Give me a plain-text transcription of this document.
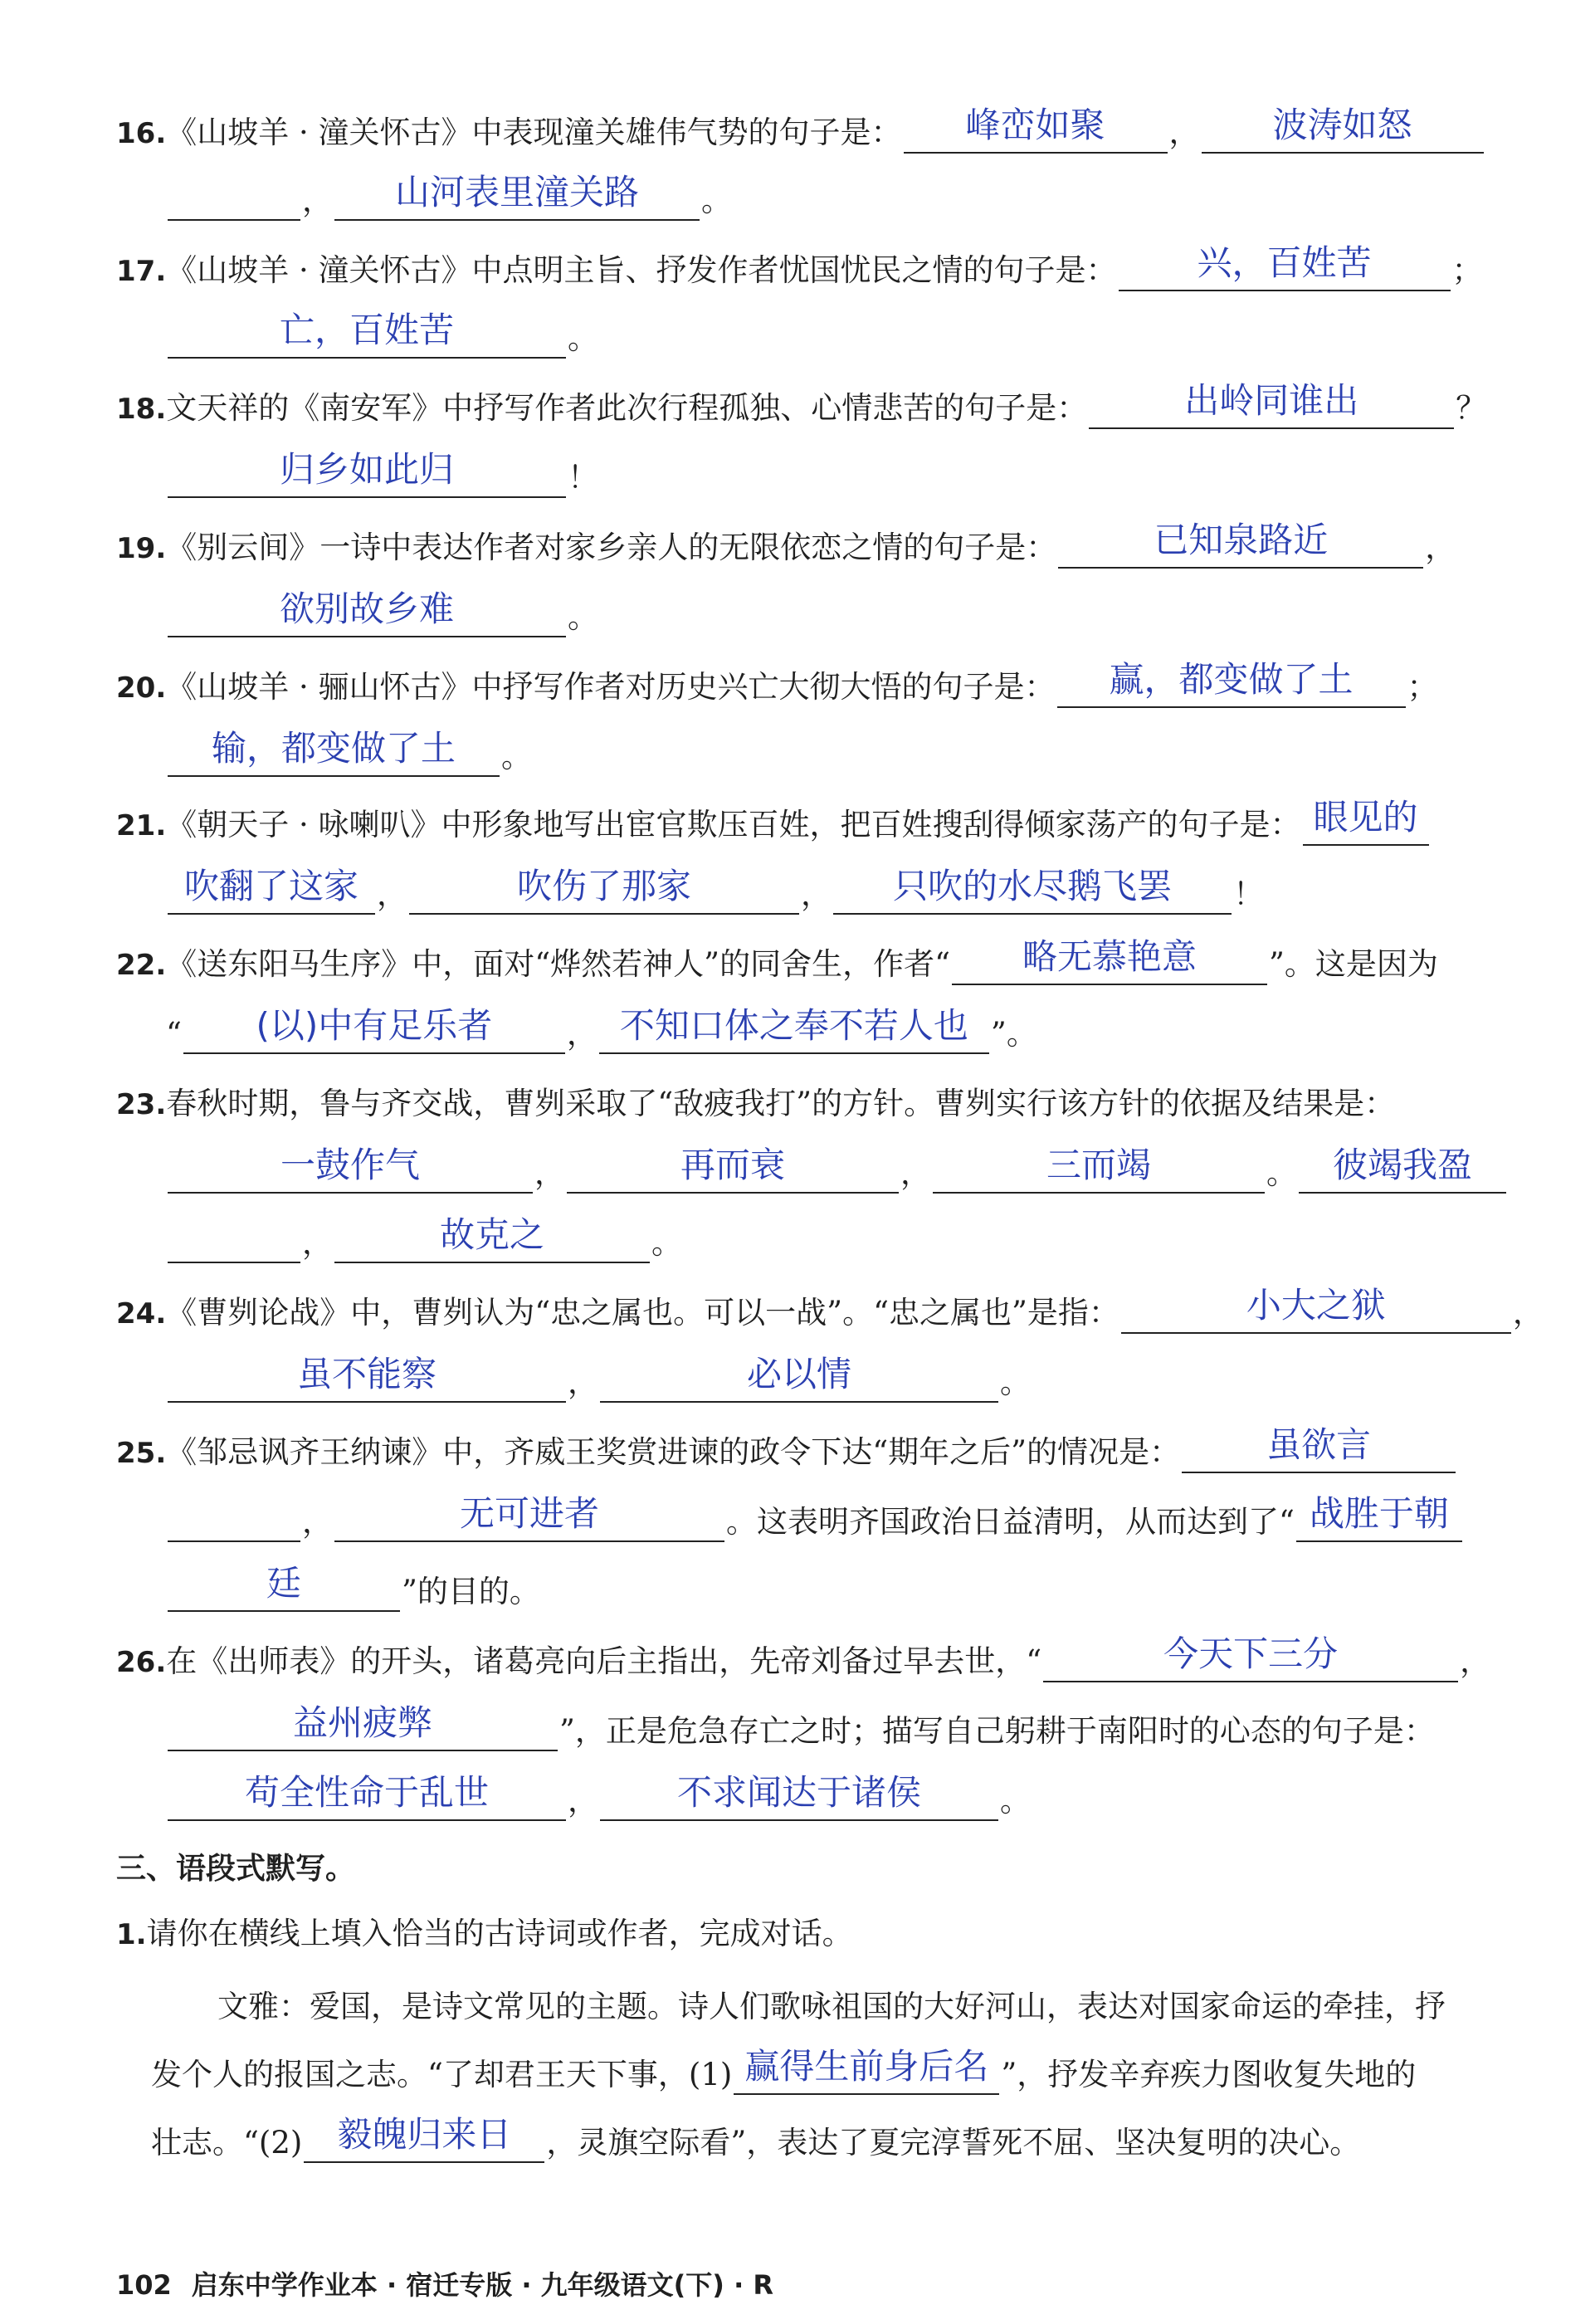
16.《山坡羊 · 潼关怀古》中表现潼关雄伟气势的句子是：	峰峦如聚	，	波涛如怒
，	山河表里潼关路	。
17.《山坡羊 · 潼关怀古》中点明主旨、抒发作者忧国忧民之情的句子是：	兴，百姓苦	；
亡，百姓苦	。
18.文天祥的《南安军》中抒写作者此次行程孤独、心情悲苦的句子是：	出岭同谁出	？
归乡如此归	！
19.《别云间》一诗中表达作者对家乡亲人的无限依恋之情的句子是：	已知泉路近	，
欲别故乡难	。
20.《山坡羊 · 骊山怀古》中抒写作者对历史兴亡大彻大悟的句子是：	赢，都变做了土	；
输，都变做了土	。
21.《朝天子 · 咏喇叭》中形象地写出宦官欺压百姓，把百姓搜刮得倾家荡产的句子是： 眼见的
吹翻了这家 ，	吹伤了那家	，	只吹的水尽鹅飞罢	！
22.《送东阳马生序》中，面对“烨然若神人”的同舍生，作者“	略无慕艳意	”。这是因为
“	(以)中有足乐者	， 不知口体之奉不若人也 ”。
23.春秋时期，鲁与齐交战，曹刿采取了“敌疲我打”的方针。曹刿实行该方针的依据及结果是：
一鼓作气	，	再而衰	，	三而竭	。	彼竭我盈
，	故克之	。
24.《曹刿论战》中，曹刿认为“忠之属也。可以一战”。“忠之属也”是指：	小大之狱	，
虽不能察	，	必以情	。
25.《邹忌讽齐王纳谏》中，齐威王奖赏进谏的政令下达“期年之后”的情况是：	虽欲言
，	无可进者	。这表明齐国政治日益清明，从而达到了“ 战胜于朝
廷	”的目的。
26.在《出师表》的开头，诸葛亮向后主指出，先帝刘备过早去世，“	今天下三分	，
益州疲弊	”，正是危急存亡之时；描写自己躬耕于南阳时的心态的句子是：
苟全性命于乱世	，	不求闻达于诸侯	。
三、语段式默写。
1.请你在横线上填入恰当的古诗词或作者，完成对话。
文雅：爱国，是诗文常见的主题。诗人们歌咏祖国的大好河山，表达对国家命运的牵挂，抒
发个人的报国之志。“了却君王天下事，(1) 赢得生前身后名 ”，抒发辛弃疾力图收复失地的
壮志。“(2) 毅魄归来日	，灵旗空际看”，表达了夏完淳誓死不屈、坚决复明的决心。
102 启东中学作业本 · 宿迁专版 · 九年级语文(下) · R
